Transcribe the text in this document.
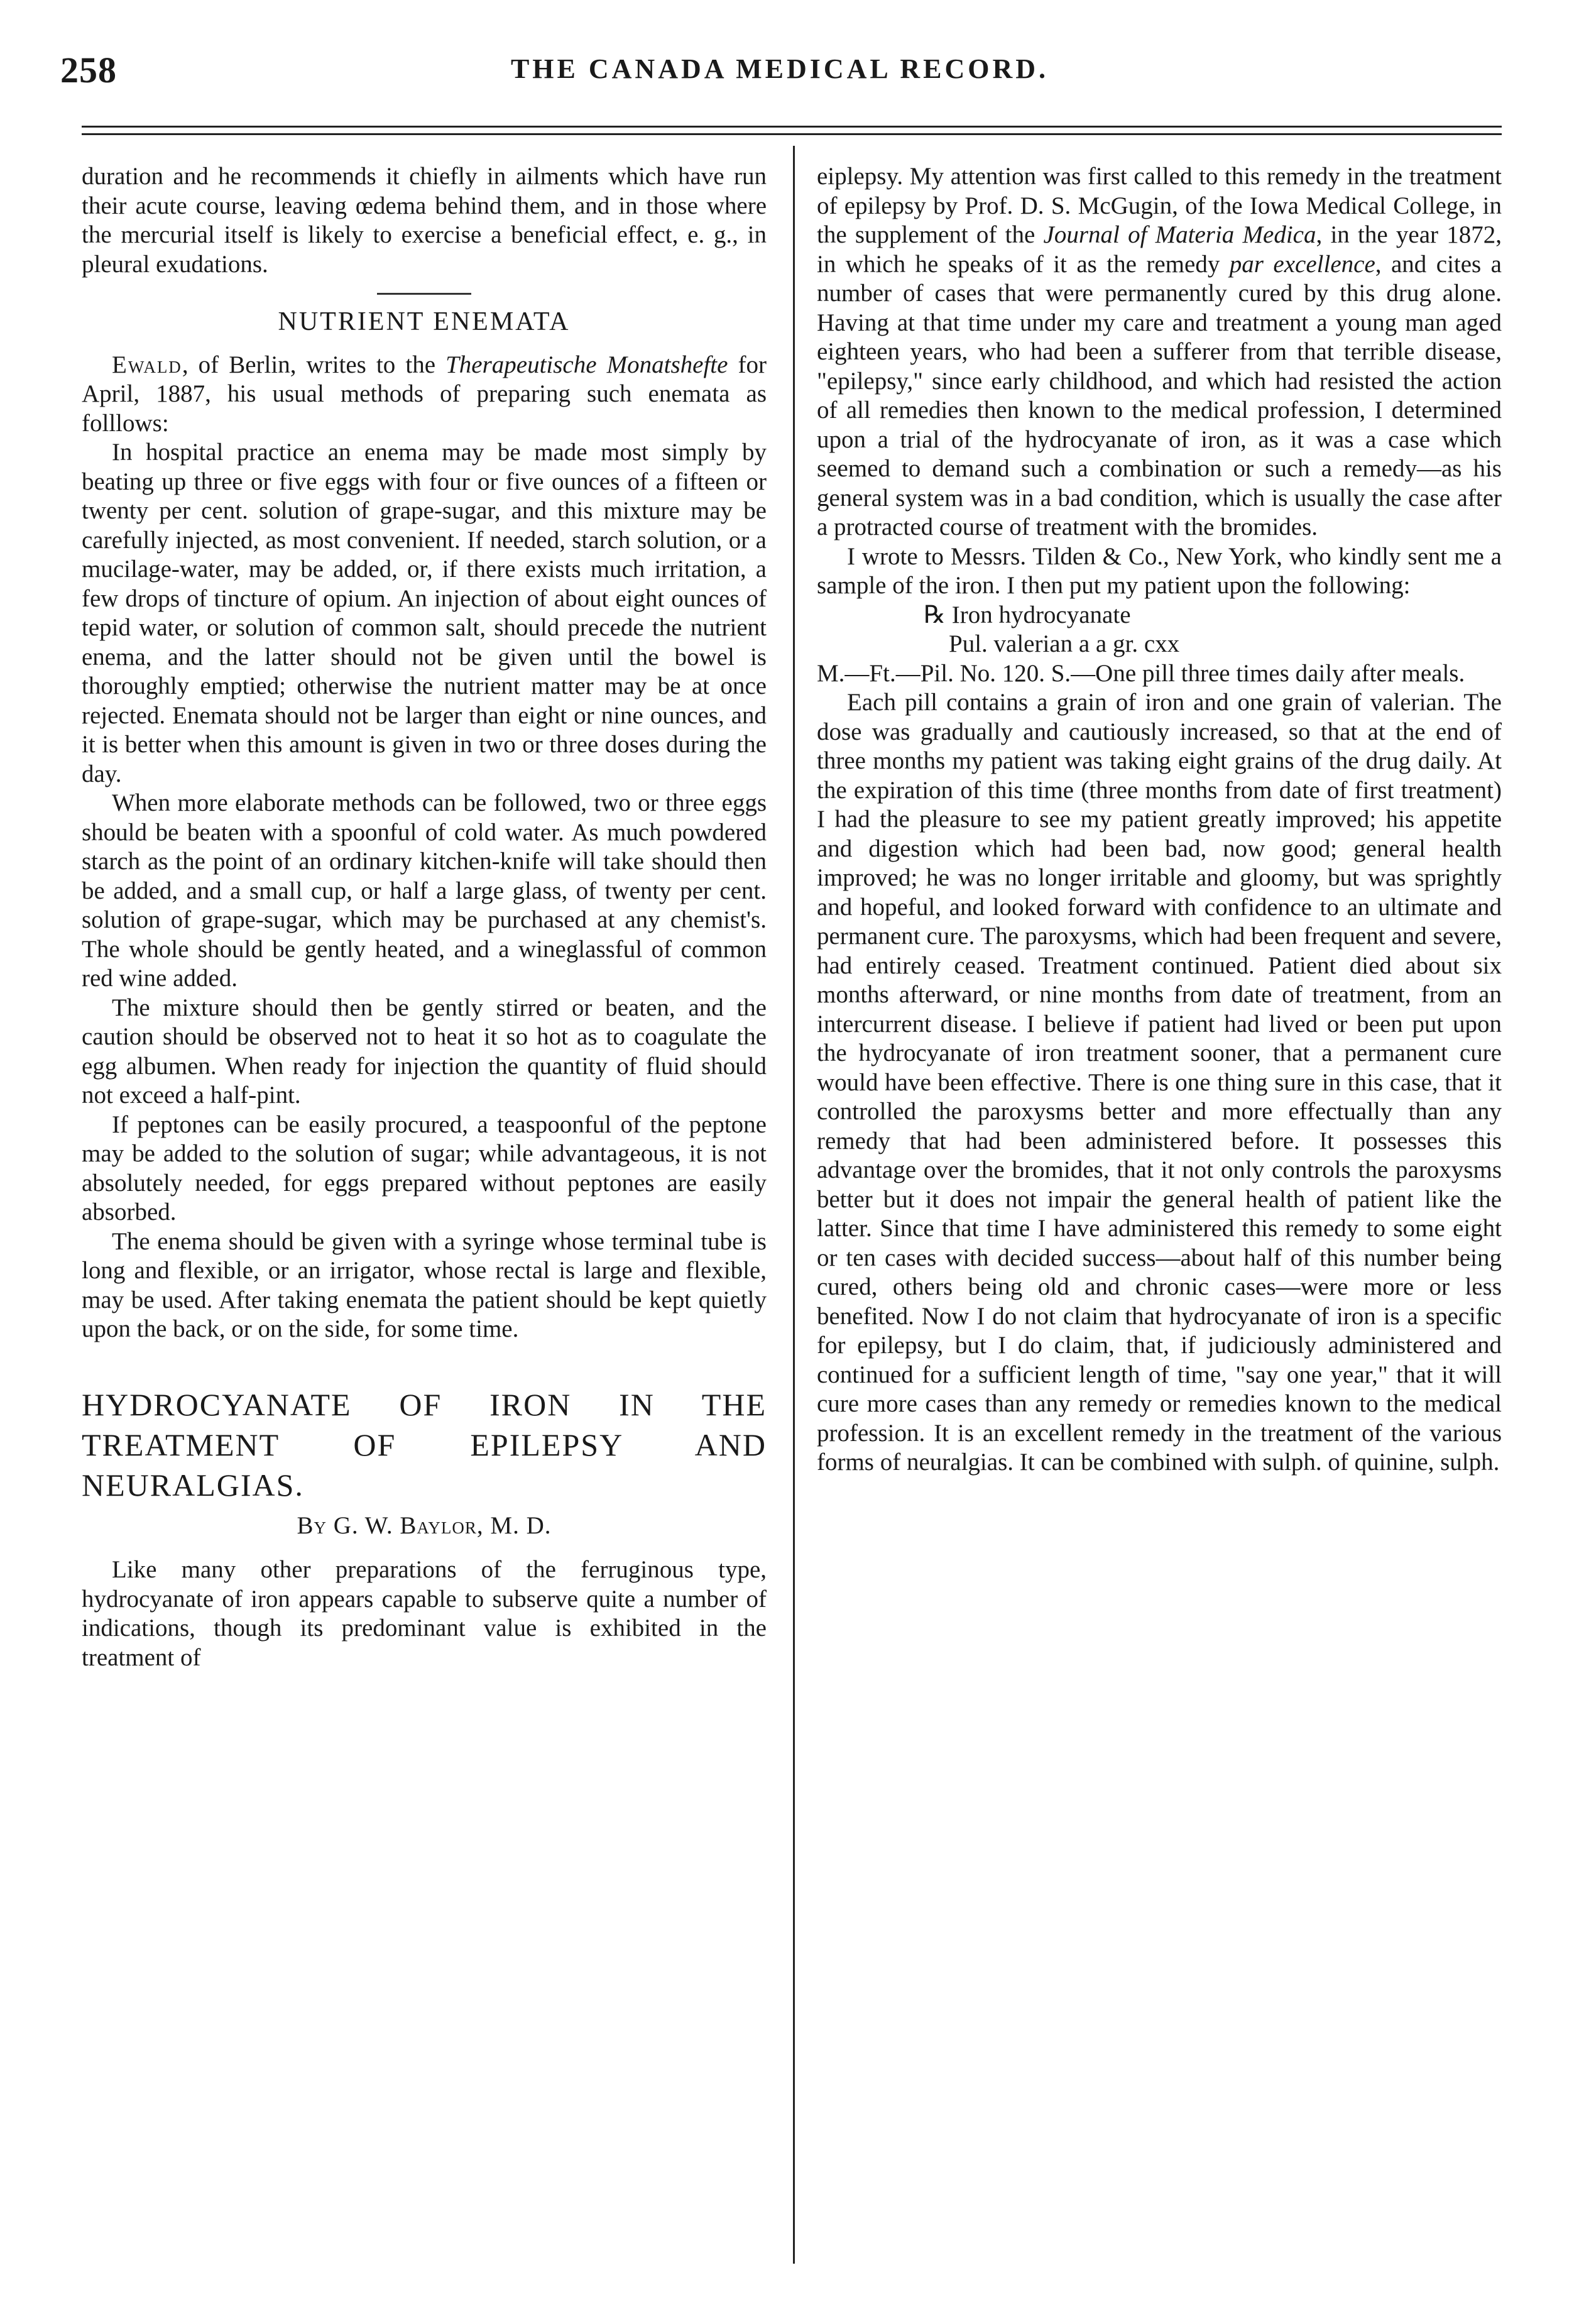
258	THE CANADA MEDICAL RECORD.

duration and he recommends it chiefly in ailments which have run their acute course, leaving œdema behind them, and in those where the mercurial itself is likely to exercise a beneficial effect, e. g., in pleural exudations.

NUTRIENT ENEMATA

Ewald, of Berlin, writes to the Therapeutische Monatshefte for April, 1887, his usual methods of preparing such enemata as folllows:

In hospital practice an enema may be made most simply by beating up three or five eggs with four or five ounces of a fifteen or twenty per cent. solution of grape-sugar, and this mixture may be carefully injected, as most convenient. If needed, starch solution, or a mucilage-water, may be added, or, if there exists much irritation, a few drops of tincture of opium. An injection of about eight ounces of tepid water, or solution of common salt, should precede the nutrient enema, and the latter should not be given until the bowel is thoroughly emptied; otherwise the nutrient matter may be at once rejected. Enemata should not be larger than eight or nine ounces, and it is better when this amount is given in two or three doses during the day.

When more elaborate methods can be followed, two or three eggs should be beaten with a spoonful of cold water. As much powdered starch as the point of an ordinary kitchen-knife will take should then be added, and a small cup, or half a large glass, of twenty per cent. solution of grape-sugar, which may be purchased at any chemist's. The whole should be gently heated, and a wineglassful of common red wine added.

The mixture should then be gently stirred or beaten, and the caution should be observed not to heat it so hot as to coagulate the egg albumen. When ready for injection the quantity of fluid should not exceed a half-pint.

If peptones can be easily procured, a teaspoonful of the peptone may be added to the solution of sugar; while advantageous, it is not absolutely needed, for eggs prepared without peptones are easily absorbed.

The enema should be given with a syringe whose terminal tube is long and flexible, or an irrigator, whose rectal is large and flexible, may be used. After taking enemata the patient should be kept quietly upon the back, or on the side, for some time.

HYDROCYANATE OF IRON IN THE TREATMENT OF EPILEPSY AND NEURALGIAS.
By G. W. Baylor, M. D.

Like many other preparations of the ferruginous type, hydrocyanate of iron appears capable to subserve quite a number of indications, though its predominant value is exhibited in the treatment of

eiplepsy. My attention was first called to this remedy in the treatment of epilepsy by Prof. D. S. McGugin, of the Iowa Medical College, in the supplement of the Journal of Materia Medica, in the year 1872, in which he speaks of it as the remedy par excellence, and cites a number of cases that were permanently cured by this drug alone. Having at that time under my care and treatment a young man aged eighteen years, who had been a sufferer from that terrible disease, "epilepsy," since early childhood, and which had resisted the action of all remedies then known to the medical profession, I determined upon a trial of the hydrocyanate of iron, as it was a case which seemed to demand such a combination or such a remedy—as his general system was in a bad condition, which is usually the case after a protracted course of treatment with the bromides.

I wrote to Messrs. Tilden & Co., New York, who kindly sent me a sample of the iron. I then put my patient upon the following:

℞ Iron hydrocyanate

Pul. valerian a a gr. cxx

M.—Ft.—Pil. No. 120. S.—One pill three times daily after meals.

Each pill contains a grain of iron and one grain of valerian. The dose was gradually and cautiously increased, so that at the end of three months my patient was taking eight grains of the drug daily. At the expiration of this time (three months from date of first treatment) I had the pleasure to see my patient greatly improved; his appetite and digestion which had been bad, now good; general health improved; he was no longer irritable and gloomy, but was sprightly and hopeful, and looked forward with confidence to an ultimate and permanent cure. The paroxysms, which had been frequent and severe, had entirely ceased. Treatment continued. Patient died about six months afterward, or nine months from date of treatment, from an intercurrent disease. I believe if patient had lived or been put upon the hydrocyanate of iron treatment sooner, that a permanent cure would have been effective. There is one thing sure in this case, that it controlled the paroxysms better and more effectually than any remedy that had been administered before. It possesses this advantage over the bromides, that it not only controls the paroxysms better but it does not impair the general health of patient like the latter. Since that time I have administered this remedy to some eight or ten cases with decided success—about half of this number being cured, others being old and chronic cases—were more or less benefited. Now I do not claim that hydrocyanate of iron is a specific for epilepsy, but I do claim, that, if judiciously administered and continued for a sufficient length of time, "say one year," that it will cure more cases than any remedy or remedies known to the medical profession. It is an excellent remedy in the treatment of the various forms of neuralgias. It can be combined with sulph. of quinine, sulph.
